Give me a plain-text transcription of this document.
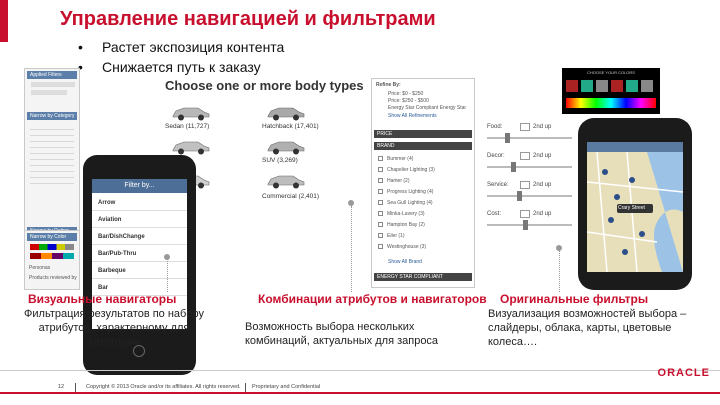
Управление навигацией и фильтрами
• Растет экспозиция контента
• Снижается путь к заказу
Applied Filters
Narrow by Category
Narrow by Color
Personas
Products reviewed by
Choose one or more body types
Sedan (11,727)	Hatchback (17,401)
SUV (3,269)
Commercial (2,401)
Filter by...
Arrow
Aviation
Bar/DishChange
Bar/Pub-Thru
Barbeque
Bar
Refine By:
Price: $0 - $250
Price: $250 - $500
Energy Star Compliant Energy Star
Show All Refinements
PRICE
BRAND
Bummer (4)
Chapelier Lighting (3)
Hamer (2)
Progress Lighting (4)
Sea Gull Lighting (4)
Minka-Lavery (3)
Hampton Bay (2)
Eiler (1)
Westinghouse (3)
Show All Brand
ENERGY STAR COMPLIANT
CHOOSE YOUR COLORS
Food:	2nd up
Decor:	2nd up
Service:	2nd up
Cost:	2nd up
Crary Street
Визуальные навигаторы
Фильтрация результатов по набору атрибутов, характерному для категории
Комбинации атрибутов и навигаторов
Возможность выбора нескольких комбинаций, актуальных для запроса
Оригинальные фильтры
Визуализация возможностей выбора – слайдеры, облака, карты, цветовые колеса….
12	Copyright © 2013 Oracle and/or its affiliates. All rights reserved. Proprietary and Confidential
ORACLE
